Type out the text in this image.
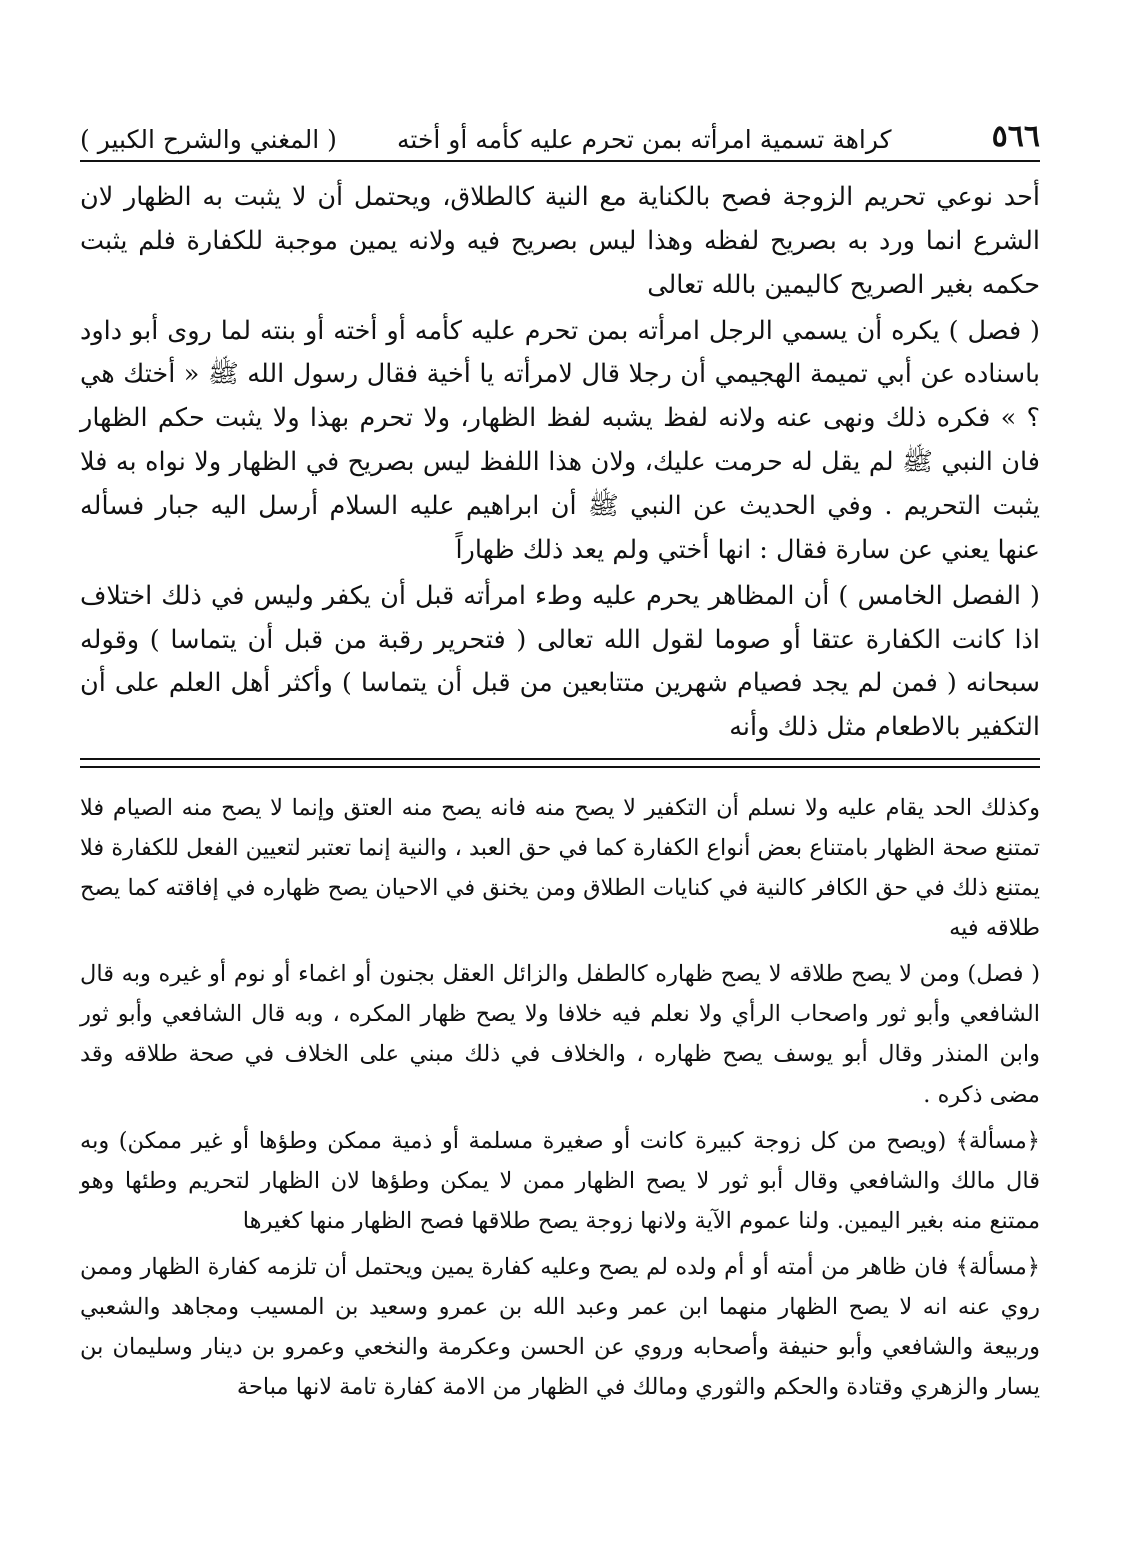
٥٦٦
كراهة تسمية امرأته بمن تحرم عليه كأمه أو أخته
( المغني والشرح الكبير )

أحد نوعي تحريم الزوجة فصح بالكناية مع النية كالطلاق، ويحتمل أن لا يثبت به الظهار لان الشرع انما ورد به بصريح لفظه وهذا ليس بصريح فيه ولانه يمين موجبة للكفارة فلم يثبت حكمه بغير الصريح كاليمين بالله تعالى

( فصل ) يكره أن يسمي الرجل امرأته بمن تحرم عليه كأمه أو أخته أو بنته لما روى أبو داود باسناده عن أبي تميمة الهجيمي أن رجلا قال لامرأته يا أخية فقال رسول الله ﷺ « أختك هي ؟ » فكره ذلك ونهى عنه ولانه لفظ يشبه لفظ الظهار، ولا تحرم بهذا ولا يثبت حكم الظهار فان النبي ﷺ لم يقل له حرمت عليك، ولان هذا اللفظ ليس بصريح في الظهار ولا نواه به فلا يثبت التحريم . وفي الحديث عن النبي ﷺ أن ابراهيم عليه السلام أرسل اليه جبار فسأله عنها يعني عن سارة فقال : انها أختي ولم يعد ذلك ظهاراً

( الفصل الخامس ) أن المظاهر يحرم عليه وطء امرأته قبل أن يكفر وليس في ذلك اختلاف اذا كانت الكفارة عتقا أو صوما لقول الله تعالى ( فتحرير رقبة من قبل أن يتماسا ) وقوله سبحانه ( فمن لم يجد فصيام شهرين متتابعين من قبل أن يتماسا ) وأكثر أهل العلم على أن التكفير بالاطعام مثل ذلك وأنه

وكذلك الحد يقام عليه ولا نسلم أن التكفير لا يصح منه فانه يصح منه العتق وإنما لا يصح منه الصيام فلا تمتنع صحة الظهار بامتناع بعض أنواع الكفارة كما في حق العبد ، والنية إنما تعتبر لتعيين الفعل للكفارة فلا يمتنع ذلك في حق الكافر كالنية في كنايات الطلاق ومن يخنق في الاحيان يصح ظهاره في إفاقته كما يصح طلاقه فيه

( فصل) ومن لا يصح طلاقه لا يصح ظهاره كالطفل والزائل العقل بجنون أو اغماء أو نوم أو غيره وبه قال الشافعي وأبو ثور واصحاب الرأي ولا نعلم فيه خلافا ولا يصح ظهار المكره ، وبه قال الشافعي وأبو ثور وابن المنذر وقال أبو يوسف يصح ظهاره ، والخلاف في ذلك مبني على الخلاف في صحة طلاقه وقد مضى ذكره .

﴿مسألة﴾ (ويصح من كل زوجة كبيرة كانت أو صغيرة مسلمة أو ذمية ممكن وطؤها أو غير ممكن) وبه قال مالك والشافعي وقال أبو ثور لا يصح الظهار ممن لا يمكن وطؤها لان الظهار لتحريم وطئها وهو ممتنع منه بغير اليمين. ولنا عموم الآية ولانها زوجة يصح طلاقها فصح الظهار منها كغيرها

﴿مسألة﴾ فان ظاهر من أمته أو أم ولده لم يصح وعليه كفارة يمين ويحتمل أن تلزمه كفارة الظهار وممن روي عنه انه لا يصح الظهار منهما ابن عمر وعبد الله بن عمرو وسعيد بن المسيب ومجاهد والشعبي وربيعة والشافعي وأبو حنيفة وأصحابه وروي عن الحسن وعكرمة والنخعي وعمرو بن دينار وسليمان بن يسار والزهري وقتادة والحكم والثوري ومالك في الظهار من الامة كفارة تامة لانها مباحة
